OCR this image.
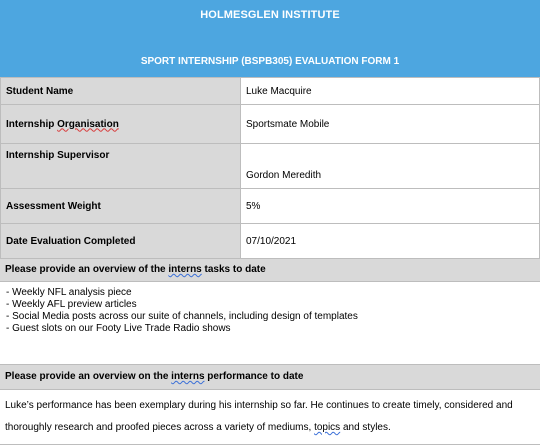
HOLMESGLEN INSTITUTE
SPORT INTERNSHIP (BSPB305) EVALUATION FORM 1
Student Name	Luke Macquire
Internship Organisation	Sportsmate Mobile
Internship Supervisor	Gordon Meredith
Assessment Weight	5%
Date Evaluation Completed	07/10/2021
Please provide an overview of the interns tasks to date
- Weekly NFL analysis piece
- Weekly AFL preview articles
- Social Media posts across our suite of channels, including design of templates
- Guest slots on our Footy Live Trade Radio shows
Please provide an overview on the interns performance to date
Luke’s performance has been exemplary during his internship so far. He continues to create timely, considered and thoroughly research and proofed pieces across a variety of mediums, topics and styles.
